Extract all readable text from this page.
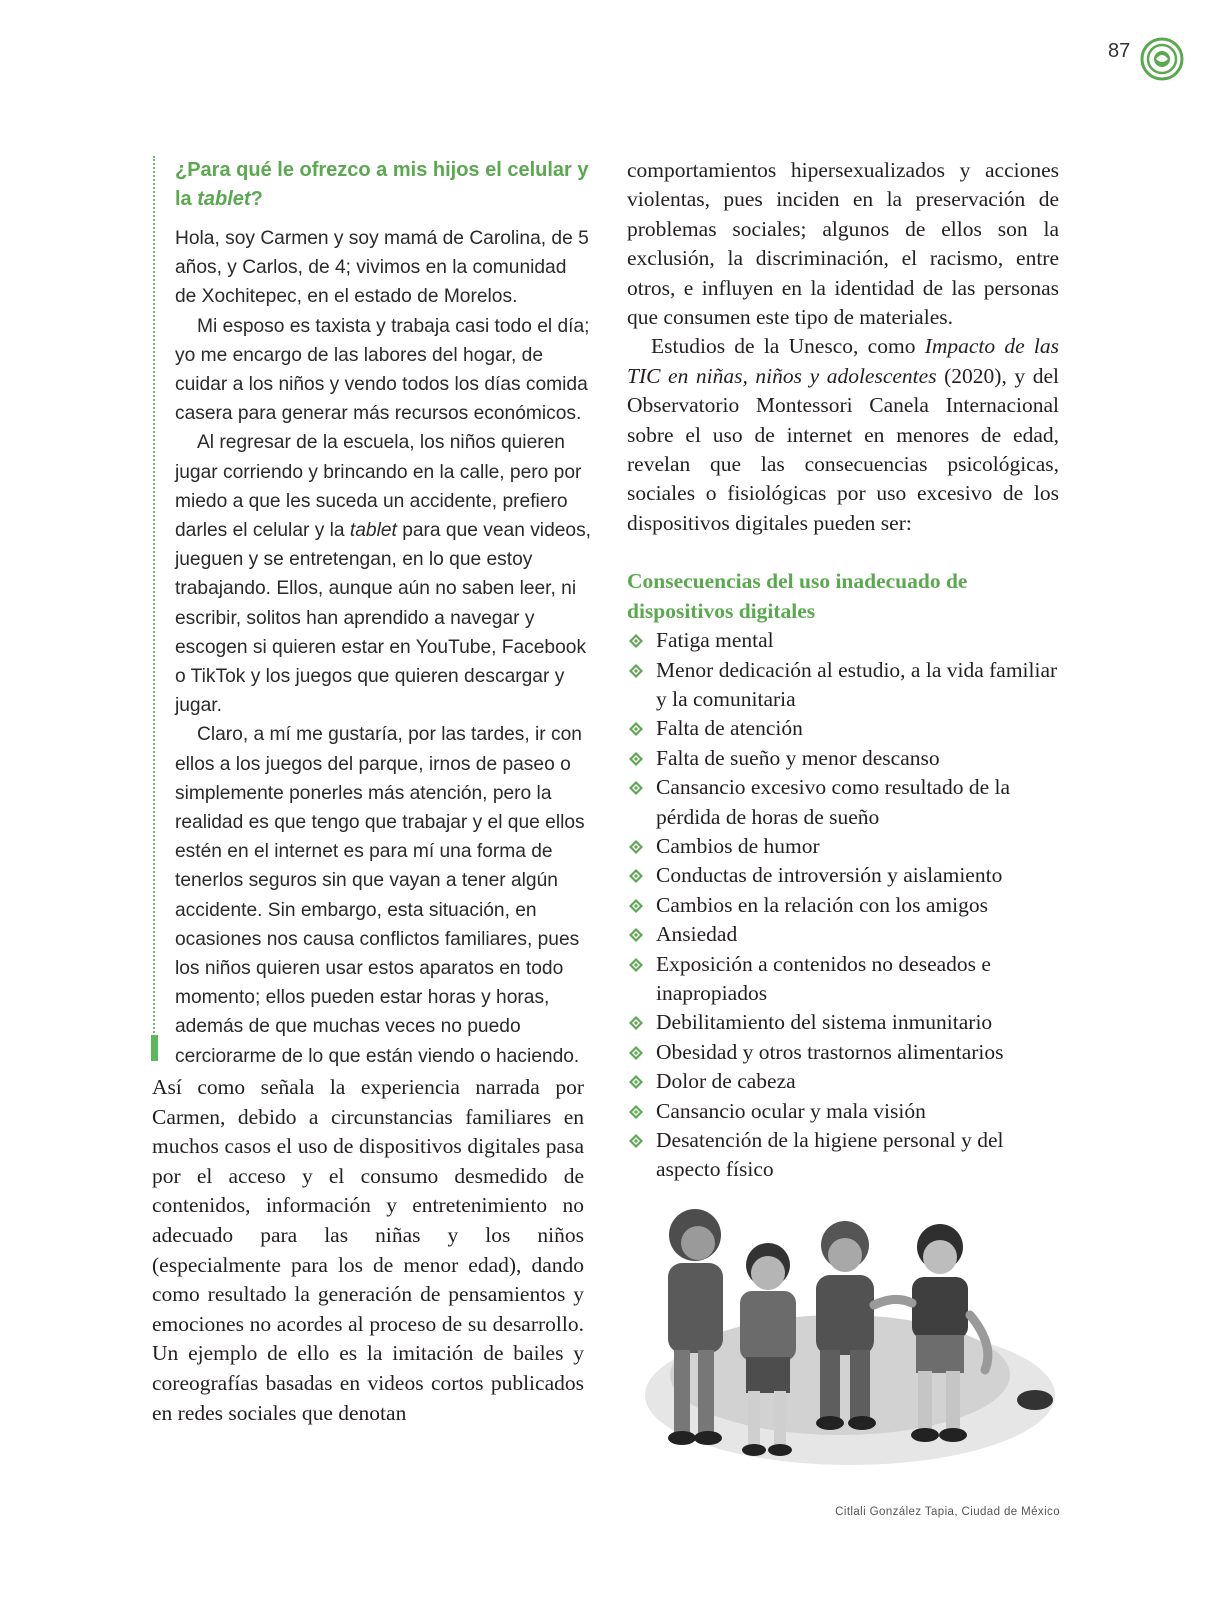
87
¿Para qué le ofrezco a mis hijos el celular y la tablet?

Hola, soy Carmen y soy mamá de Carolina, de 5 años, y Carlos, de 4; vivimos en la comunidad de Xochitepec, en el estado de Morelos.

Mi esposo es taxista y trabaja casi todo el día; yo me encargo de las labores del hogar, de cuidar a los niños y vendo todos los días comida casera para generar más recursos económicos.

Al regresar de la escuela, los niños quieren jugar corriendo y brincando en la calle, pero por miedo a que les suceda un accidente, prefiero darles el celular y la tablet para que vean videos, jueguen y se entretengan, en lo que estoy trabajando. Ellos, aunque aún no saben leer, ni escribir, solitos han aprendido a navegar y escogen si quieren estar en YouTube, Facebook o TikTok y los juegos que quieren descargar y jugar.

Claro, a mí me gustaría, por las tardes, ir con ellos a los juegos del parque, irnos de paseo o simplemente ponerles más atención, pero la realidad es que tengo que trabajar y el que ellos estén en el internet es para mí una forma de tenerlos seguros sin que vayan a tener algún accidente. Sin embargo, esta situación, en ocasiones nos causa conflictos familiares, pues los niños quieren usar estos aparatos en todo momento; ellos pueden estar horas y horas, además de que muchas veces no puedo cerciorarme de lo que están viendo o haciendo.

Así como señala la experiencia narrada por Carmen, debido a circunstancias familiares en muchos casos el uso de dispositivos digitales pasa por el acceso y el consumo desmedido de contenidos, información y entretenimiento no adecuado para las niñas y los niños (especialmente para los de menor edad), dando como resultado la generación de pensamientos y emociones no acordes al proceso de su desarrollo. Un ejemplo de ello es la imitación de bailes y coreografías basadas en videos cortos publicados en redes sociales que denotan

comportamientos hipersexualizados y acciones violentas, pues inciden en la preservación de problemas sociales; algunos de ellos son la exclusión, la discriminación, el racismo, entre otros, e influyen en la identidad de las personas que consumen este tipo de materiales.

Estudios de la Unesco, como Impacto de las TIC en niñas, niños y adolescentes (2020), y del Observatorio Montessori Canela Internacional sobre el uso de internet en menores de edad, revelan que las consecuencias psicológicas, sociales o fisiológicas por uso excesivo de los dispositivos digitales pueden ser:

Consecuencias del uso inadecuado de dispositivos digitales
Fatiga mental
Menor dedicación al estudio, a la vida familiar y la comunitaria
Falta de atención
Falta de sueño y menor descanso
Cansancio excesivo como resultado de la pérdida de horas de sueño
Cambios de humor
Conductas de introversión y aislamiento
Cambios en la relación con los amigos
Ansiedad
Exposición a contenidos no deseados e inapropiados
Debilitamiento del sistema inmunitario
Obesidad y otros trastornos alimentarios
Dolor de cabeza
Cansancio ocular y mala visión
Desatención de la higiene personal y del aspecto físico
Citlali González Tapia, Ciudad de México
